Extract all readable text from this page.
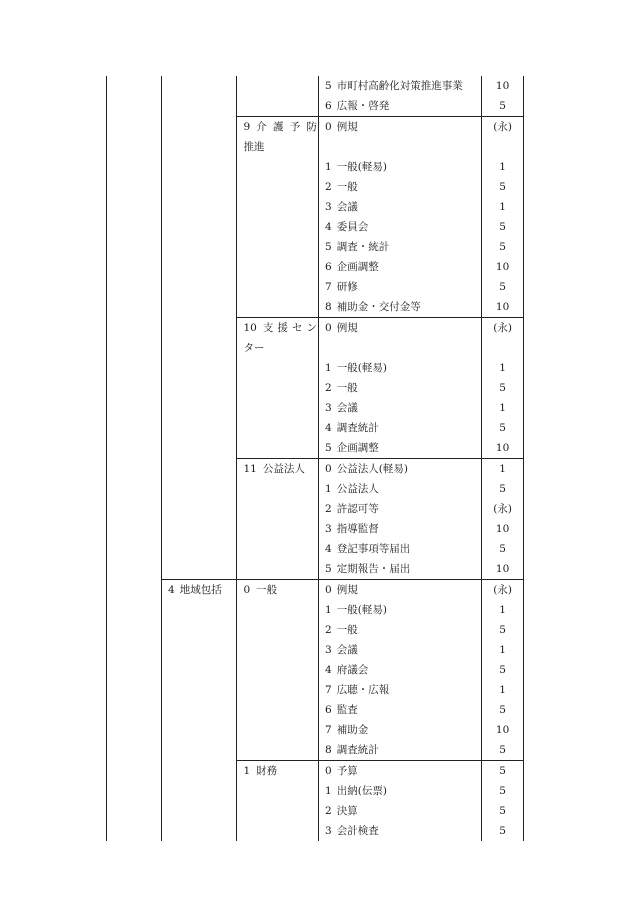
			5 市町村高齢化対策推進事業	10
			6 広報・啓発	5

		9 介護予防
推進	0 例規	(永)
			1 一般(軽易)	1
			2 一般	5
			3 会議	1
			4 委員会	5
			5 調査・統計	5
			6 企画調整	10
			7 研修	5
			8 補助金・交付金等	10

		10 支援セン
ター	0 例規	(永)
			1 一般(軽易)	1
			2 一般	5
			3 会議	1
			4 調査統計	5
			5 企画調整	10

		11 公益法人	0 公益法人(軽易)	1
			1 公益法人	5
			2 許認可等	(永)
			3 指導監督	10
			4 登記事項等届出	5
			5 定期報告・届出	10
	4 地域包括	0 一般	0 例規	(永)
			1 一般(軽易)	1
			2 一般	5
			3 会議	1
			4 府議会	5
			7 広聴・広報	1
			6 監査	5
			7 補助金	10
			8 調査統計	5

		1 財務	0 予算	5
			1 出納(伝票)	5
			2 決算	5
			3 会計検査	5
